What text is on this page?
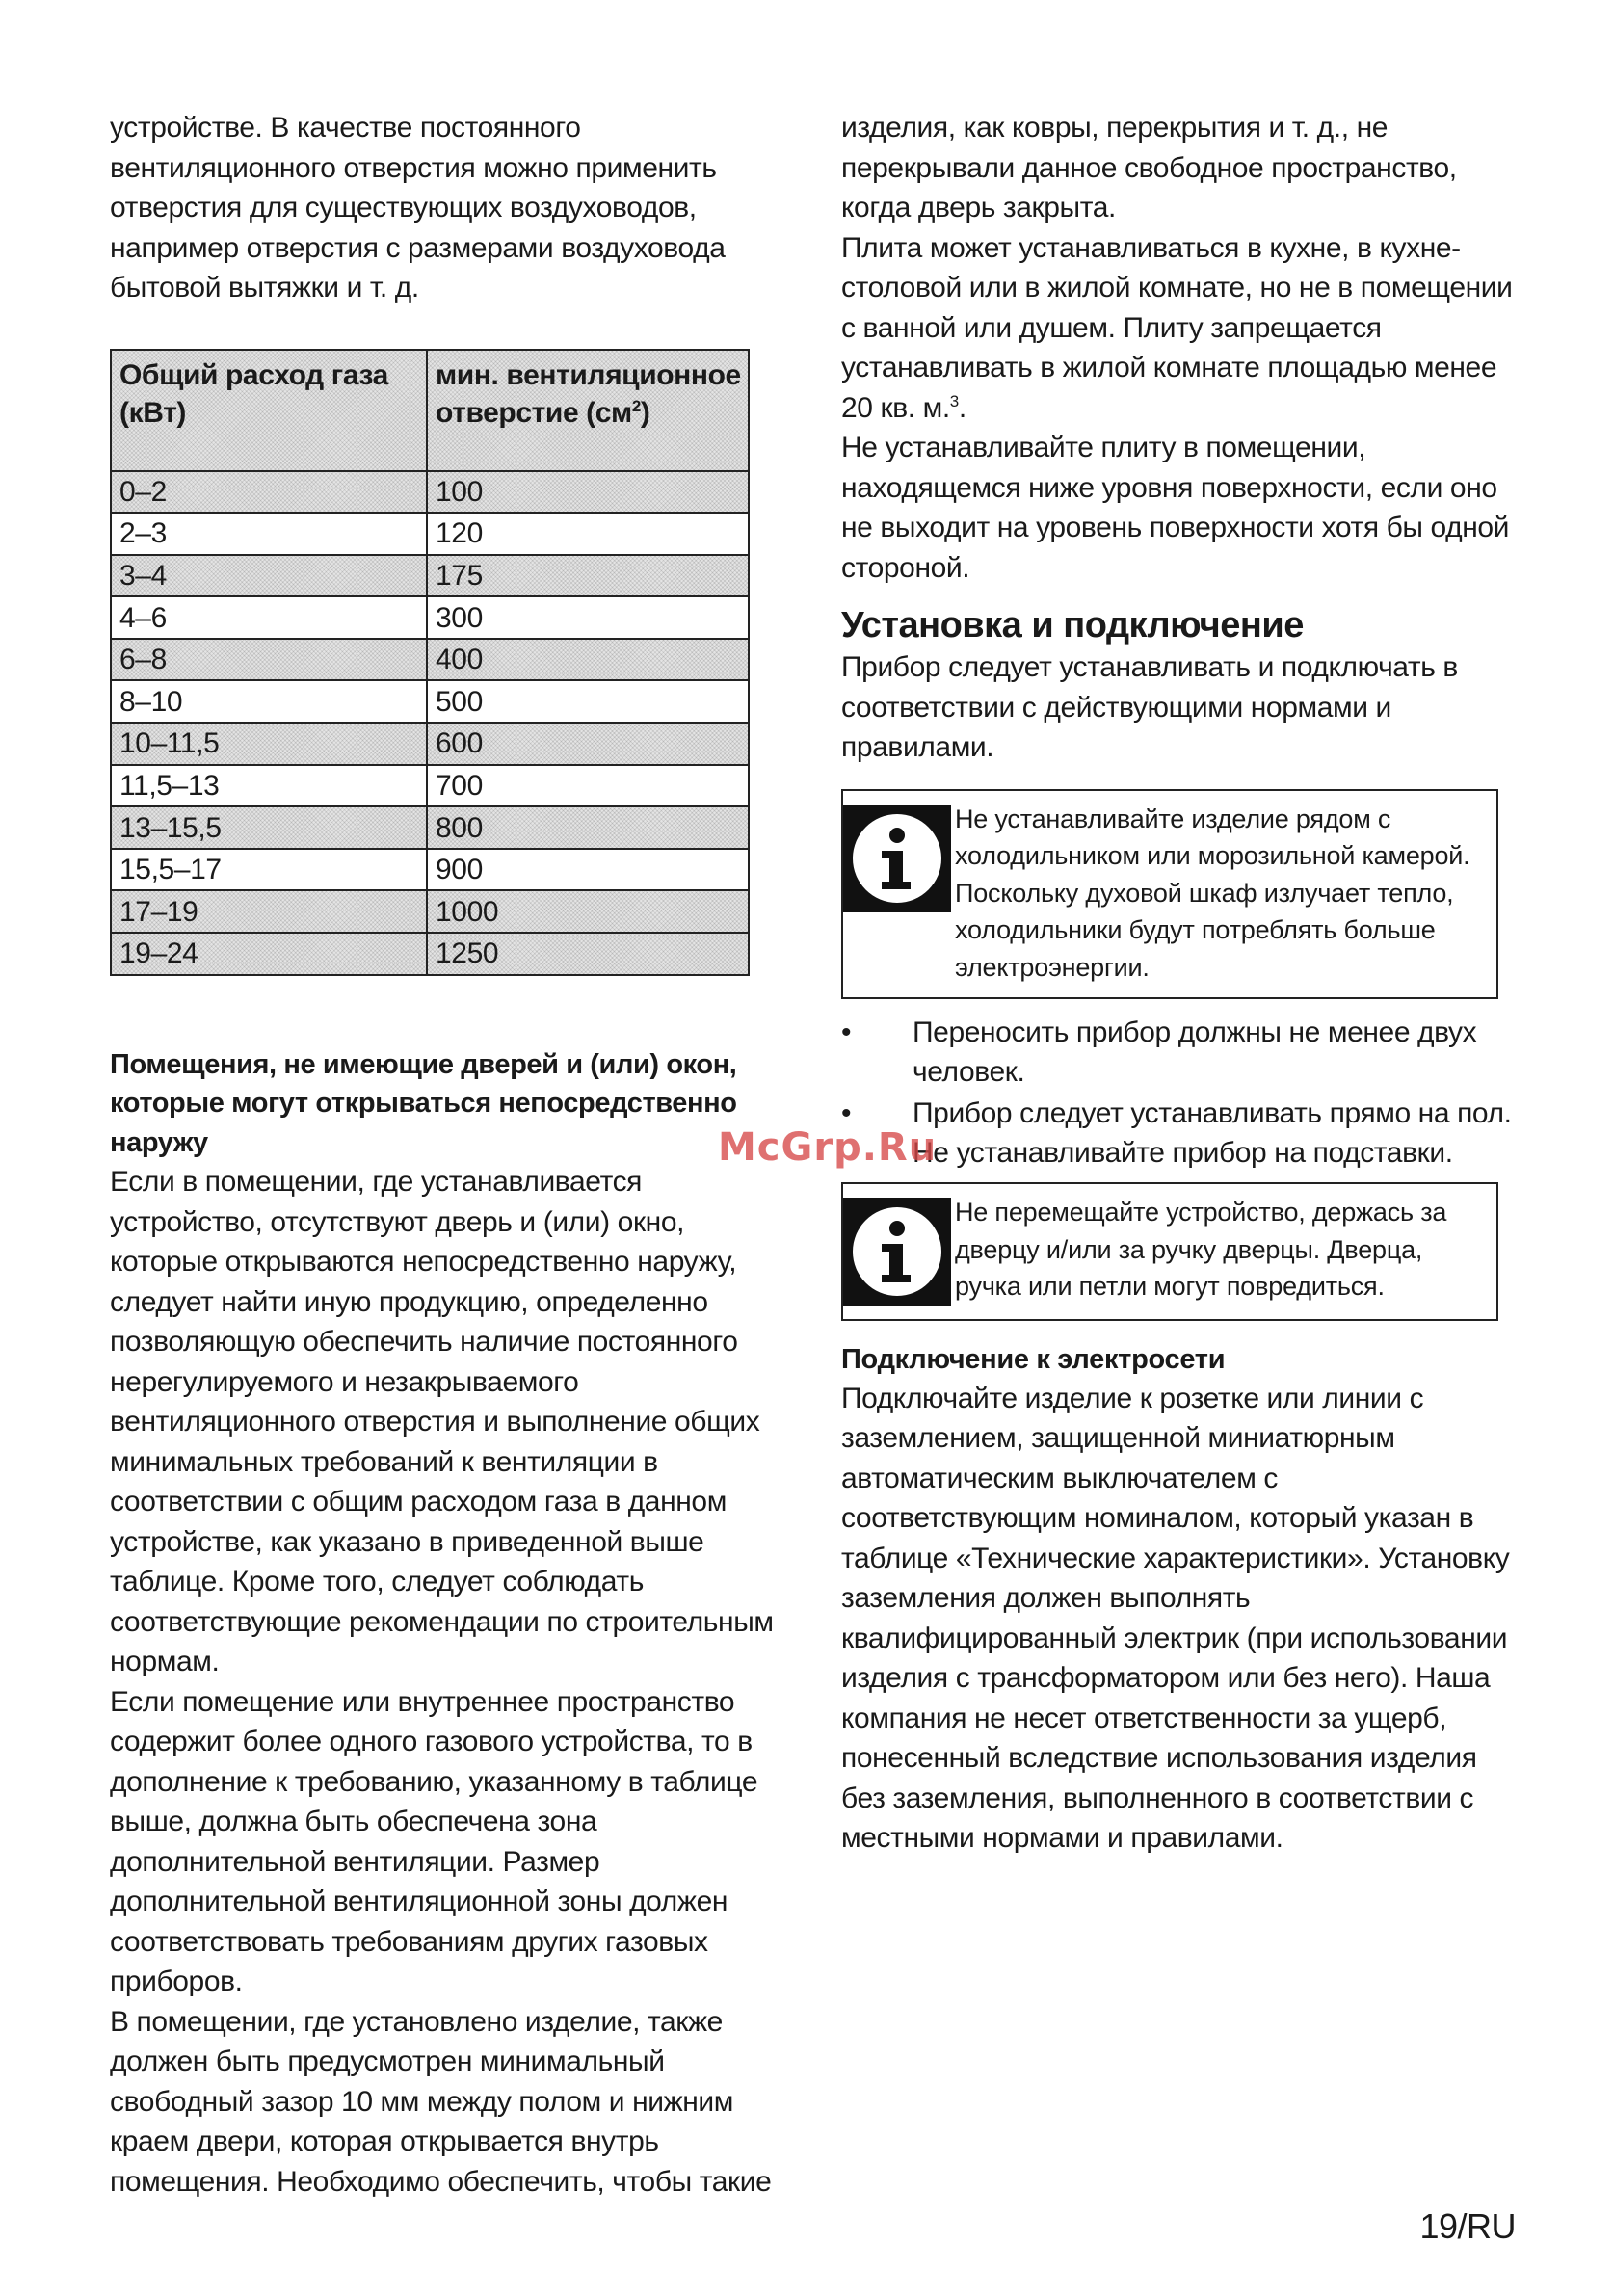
устройстве. В качестве постоянного вентиляционного отверстия можно применить отверстия для существующих воздуховодов, например отверстия с размерами воздуховода бытовой вытяжки и т. д.

Общий расход газа (кВт)	мин. вентиляционное отверстие $(см^2)$
0–2	100
2–3	120
3–4	175
4–6	300
6–8	400
8–10	500
10–11,5	600
11,5–13	700
13–15,5	800
15,5–17	900
17–19	1000
19–24	1250
Помещения, не имеющие дверей и (или) окон, которые могут открываться непосредственно наружу

Если в помещении, где устанавливается устройство, отсутствуют дверь и (или) окно, которые открываются непосредственно наружу, следует найти иную продукцию, определенно позволяющую обеспечить наличие постоянного нерегулируемого и незакрываемого вентиляционного отверстия и выполнение общих минимальных требований к вентиляции в соответствии с общим расходом газа в данном устройстве, как указано в приведенной выше таблице. Кроме того, следует соблюдать соответствующие рекомендации по строительным нормам.

Если помещение или внутреннее пространство содержит более одного газового устройства, то в дополнение к требованию, указанному в таблице выше, должна быть обеспечена зона дополнительной вентиляции. Размер дополнительной вентиляционной зоны должен соответствовать требованиям других газовых приборов.

В помещении, где установлено изделие, также должен быть предусмотрен минимальный свободный зазор 10 мм между полом и нижним краем двери, которая открывается внутрь помещения. Необходимо обеспечить, чтобы такие

изделия, как ковры, перекрытия и т. д., не перекрывали данное свободное пространство, когда дверь закрыта.

Плита может устанавливаться в кухне, в кухне-столовой или в жилой комнате, но не в помещении с ванной или душем. Плиту запрещается устанавливать в жилой комнате площадью менее 20 кв. м.$^3$.

Не устанавливайте плиту в помещении, находящемся ниже уровня поверхности, если оно не выходит на уровень поверхности хотя бы одной стороной.

Установка и подключение

Прибор следует устанавливать и подключать в соответствии с действующими нормами и правилами.

Не устанавливайте изделие рядом с холодильником или морозильной камерой. Поскольку духовой шкаф излучает тепло, холодильники будут потреблять больше электроэнергии.

• Переносить прибор должны не менее двух человек.
• Прибор следует устанавливать прямо на пол. Не устанавливайте прибор на подставки.

Не перемещайте устройство, держась за дверцу и/или за ручку дверцы. Дверца, ручка или петли могут повредиться.

Подключение к электросети

Подключайте изделие к розетке или линии с заземлением, защищенной миниатюрным автоматическим выключателем с соответствующим номиналом, который указан в таблице «Технические характеристики». Установку заземления должен выполнять квалифицированный электрик (при использовании изделия с трансформатором или без него). Наша компания не несет ответственности за ущерб, понесенный вследствие использования изделия без заземления, выполненного в соответствии с местными нормами и правилами.

McGrp.Ru
19/RU
